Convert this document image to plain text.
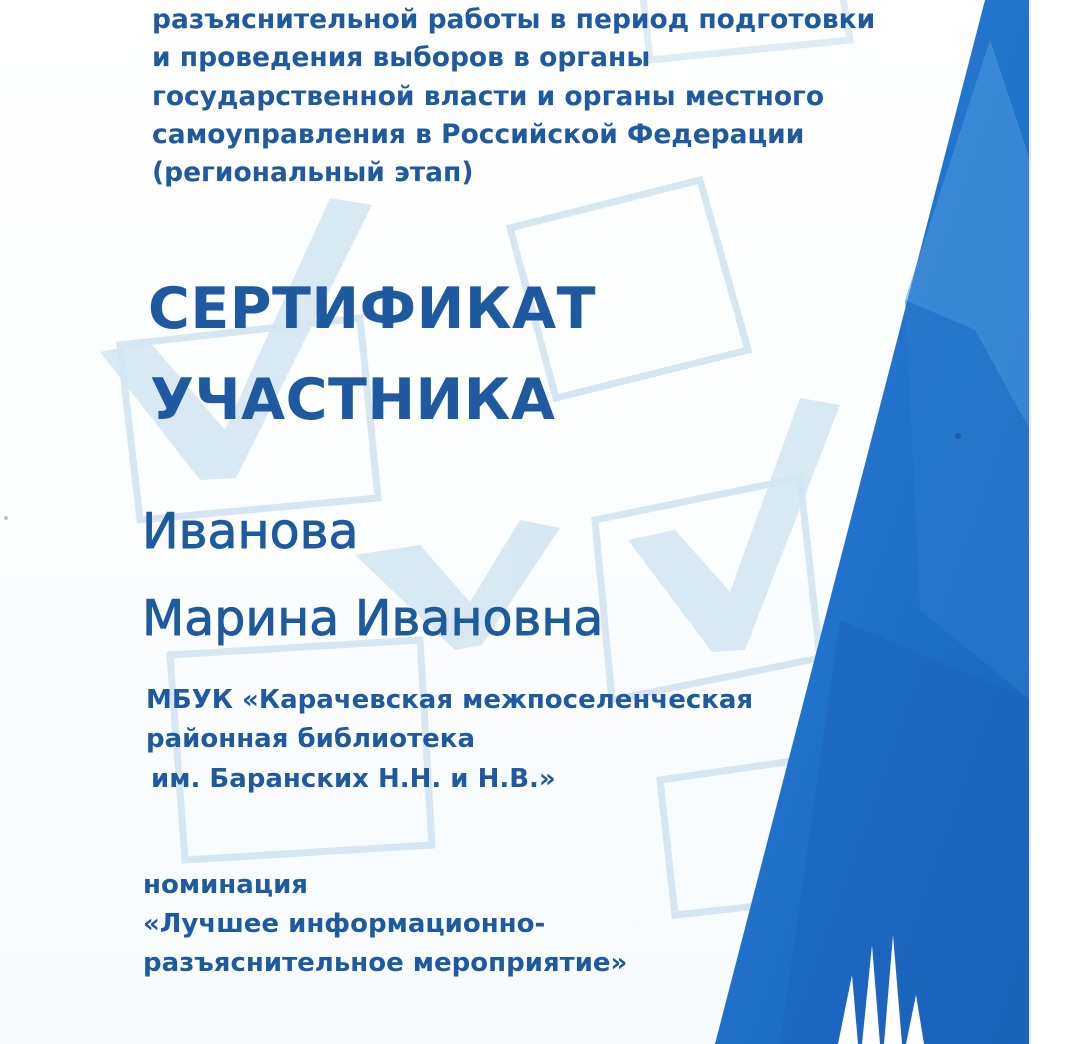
разъяснительной работы в период подготовки

и проведения выборов в органы

государственной власти и органы местного

самоуправления в Российской Федерации

(региональный этап)

СЕРТИФИКАТ
УЧАСТНИКА
Иванова
Марина Ивановна

МБУК «Карачевская межпоселенческая

районная библиотека

им. Баранских Н.Н. и Н.В.»

номинация

«Лучшее информационно-

разъяснительное мероприятие»
